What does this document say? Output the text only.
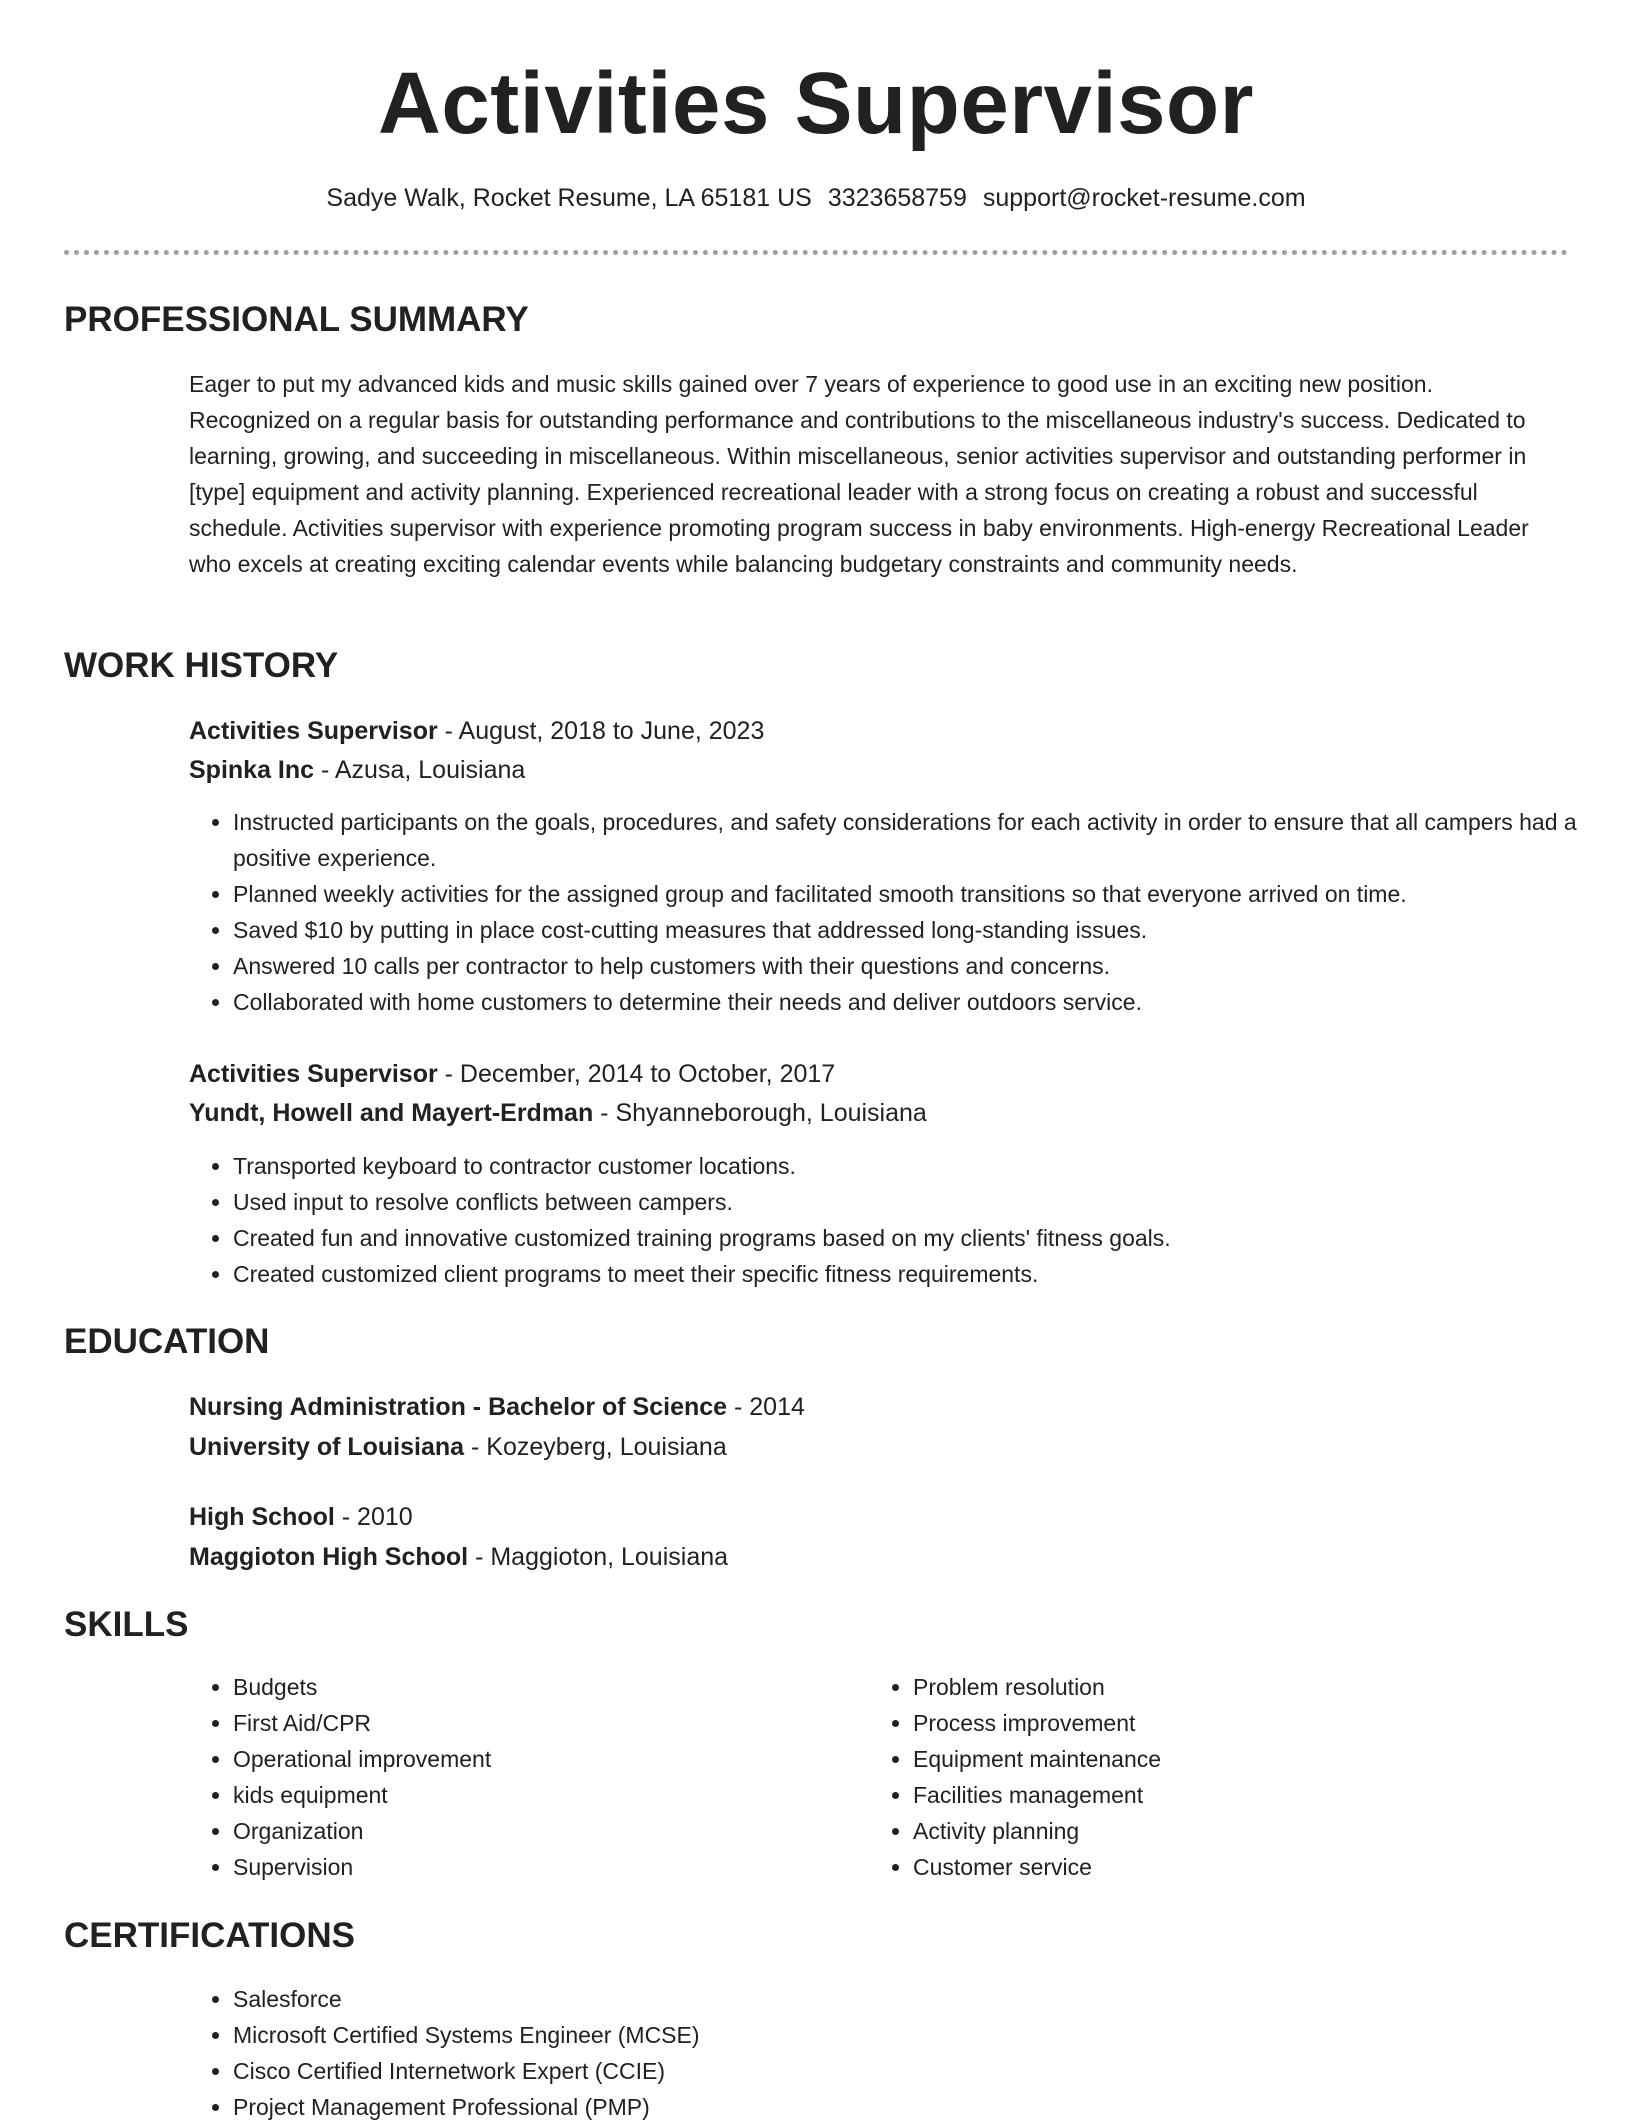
Activities Supervisor
Sadye Walk, Rocket Resume, LA 65181 US 3323658759 support@rocket-resume.com
PROFESSIONAL SUMMARY

Eager to put my advanced kids and music skills gained over 7 years of experience to good use in an exciting new position. Recognized on a regular basis for outstanding performance and contributions to the miscellaneous industry's success. Dedicated to learning, growing, and succeeding in miscellaneous. Within miscellaneous, senior activities supervisor and outstanding performer in [type] equipment and activity planning. Experienced recreational leader with a strong focus on creating a robust and successful schedule. Activities supervisor with experience promoting program success in baby environments. High-energy Recreational Leader who excels at creating exciting calendar events while balancing budgetary constraints and community needs.

WORK HISTORY
Activities Supervisor - August, 2018 to June, 2023
Spinka Inc - Azusa, Louisiana
• Instructed participants on the goals, procedures, and safety considerations for each activity in order to ensure that all campers had a positive experience.
• Planned weekly activities for the assigned group and facilitated smooth transitions so that everyone arrived on time.
• Saved $10 by putting in place cost-cutting measures that addressed long-standing issues.
• Answered 10 calls per contractor to help customers with their questions and concerns.
• Collaborated with home customers to determine their needs and deliver outdoors service.
Activities Supervisor - December, 2014 to October, 2017
Yundt, Howell and Mayert-Erdman - Shyanneborough, Louisiana
• Transported keyboard to contractor customer locations.
• Used input to resolve conflicts between campers.
• Created fun and innovative customized training programs based on my clients' fitness goals.
• Created customized client programs to meet their specific fitness requirements.
EDUCATION
Nursing Administration - Bachelor of Science - 2014
University of Louisiana - Kozeyberg, Louisiana
High School - 2010
Maggioton High School - Maggioton, Louisiana
SKILLS
• Budgets
• First Aid/CPR
• Operational improvement
• kids equipment
• Organization
• Supervision
• Problem resolution
• Process improvement
• Equipment maintenance
• Facilities management
• Activity planning
• Customer service
CERTIFICATIONS
• Salesforce
• Microsoft Certified Systems Engineer (MCSE)
• Cisco Certified Internetwork Expert (CCIE)
• Project Management Professional (PMP)
